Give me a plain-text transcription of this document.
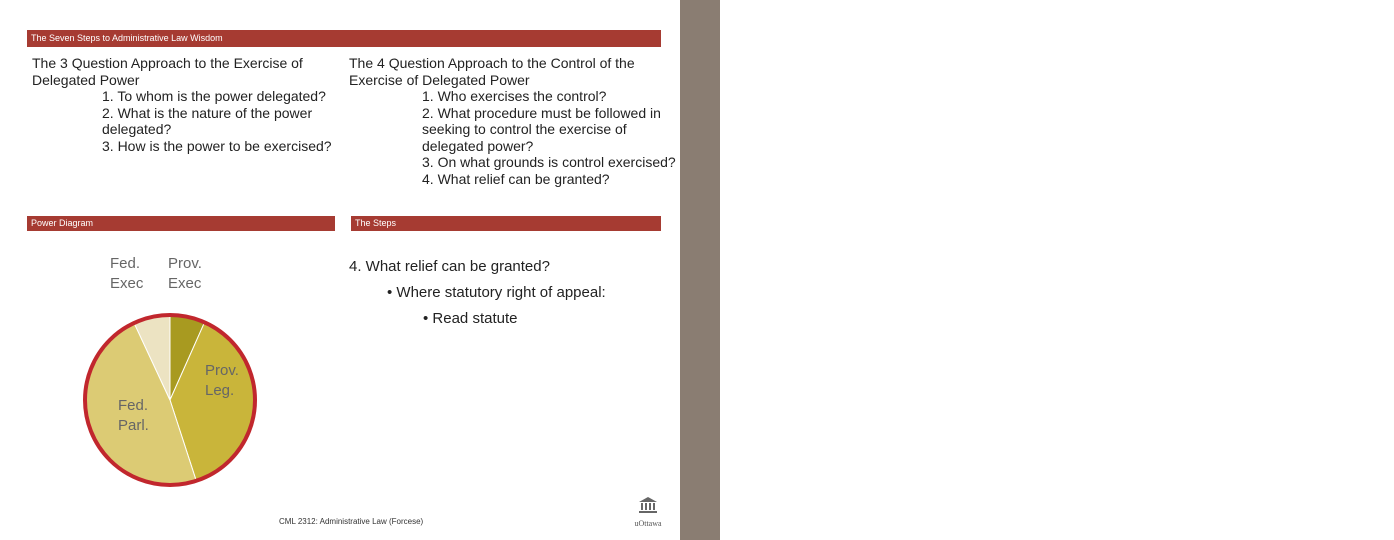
S	etting the	S	tage
The Seven Steps to Administrative Law Wisdom
The 3 Question Approach to the Exercise of Delegated Power
1. To whom is the power delegated?
2. What is the nature of the power delegated?
3. How is the power to be exercised?
The 4 Question Approach to the Control of the Exercise of Delegated Power
1. Who exercises the control?
2. What procedure must be followed in seeking to control the exercise of delegated power?
3. On what grounds is control exercised?
4. What relief can be granted?
Power Diagram	The Steps
Prov. Exec
Prov. Leg.
Fed. Parl.
Fed. Exec
4. What relief can be granted?
• Where statutory right of appeal:
• Read statute
CML 2312: Administrative Law (Forcese)	uOttawa
